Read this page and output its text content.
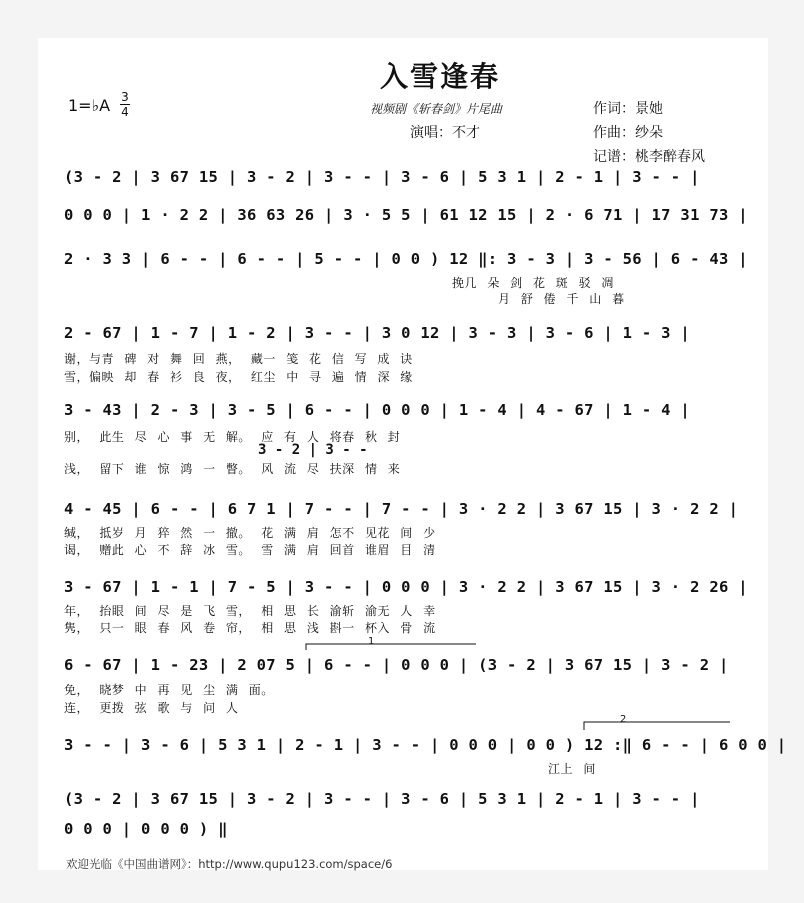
入雪逢春
视频剧《斩春剑》片尾曲
演唱：不才
作词：景她
作曲：纱朵
记谱：桃李醉春风
1=♭A 3
4
(3 - 2 | 3 67 15 | 3 - 2 | 3 - - | 3 - 6 | 5 3 1 | 2 - 1 | 3 - - |
0 0 0 | 1 · 2 2 | 36 63 26 | 3 · 5 5 | 61 12 15 | 2 · 6 71 | 17 31 73 |
2 · 3 3 | 6 - - | 6 - - | 5 - - | 0 0 ) 12 ‖: 3 - 3 | 3 - 56 | 6 - 43 |
挽几 朵 剑 花 斑 驳 凋
月 舒 倦 千 山 暮
2 - 67 | 1 - 7 | 1 - 2 | 3 - - | 3 0 12 | 3 - 3 | 3 - 6 | 1 - 3 |
谢，与青 碑 对 舞 回 燕， 藏一 笺 花 信 写 成 诀
雪，偏映 却 春 衫 良 夜， 红尘 中 寻 遍 情 深 缘
3 - 43 | 2 - 3 | 3 - 5 | 6 - - | 0 0 0 | 1 - 4 | 4 - 67 | 1 - 4 |
别， 此生 尽 心 事 无 解。 应 有 人 将春 秋 封
3 - 2 | 3 - -
浅， 留下 谁 惊 鸿 一 瞥。 风 流 尽 扶深 情 来
4 - 45 | 6 - - | 6 7 1 | 7 - - | 7 - - | 3 · 2 2 | 3 67 15 | 3 · 2 2 |
缄， 抵岁 月 猝 然 一 撤。 花 满 肩 怎不 见花 间 少
谒， 赠此 心 不 辞 冰 雪。 雪 满 肩 回首 谁眉 目 清
3 - 67 | 1 - 1 | 7 - 5 | 3 - - | 0 0 0 | 3 · 2 2 | 3 67 15 | 3 · 2 26 |
年， 抬眼 间 尽 是 飞 雪， 相 思 长 渝斩 渝无 人 幸
隽， 只一 眼 春 风 卷 帘， 相 思 浅 斟一 杯入 骨 流
6 - 67 | 1 - 23 | 2 07 5 | 6 - - | 0 0 0 | (3 - 2 | 3 67 15 | 3 - 2 |
免， 晓梦 中 再 见 尘 满 面。
连， 更拨 弦 歌 与 问 人
3 - - | 3 - 6 | 5 3 1 | 2 - 1 | 3 - - | 0 0 0 | 0 0 ) 12 :‖ 6 - - | 6 0 0 |
江上 间
(3 - 2 | 3 67 15 | 3 - 2 | 3 - - | 3 - 6 | 5 3 1 | 2 - 1 | 3 - - |
0 0 0 | 0 0 0 ) ‖
1
2
欢迎光临《中国曲谱网》：http://www.qupu123.com/space/6
